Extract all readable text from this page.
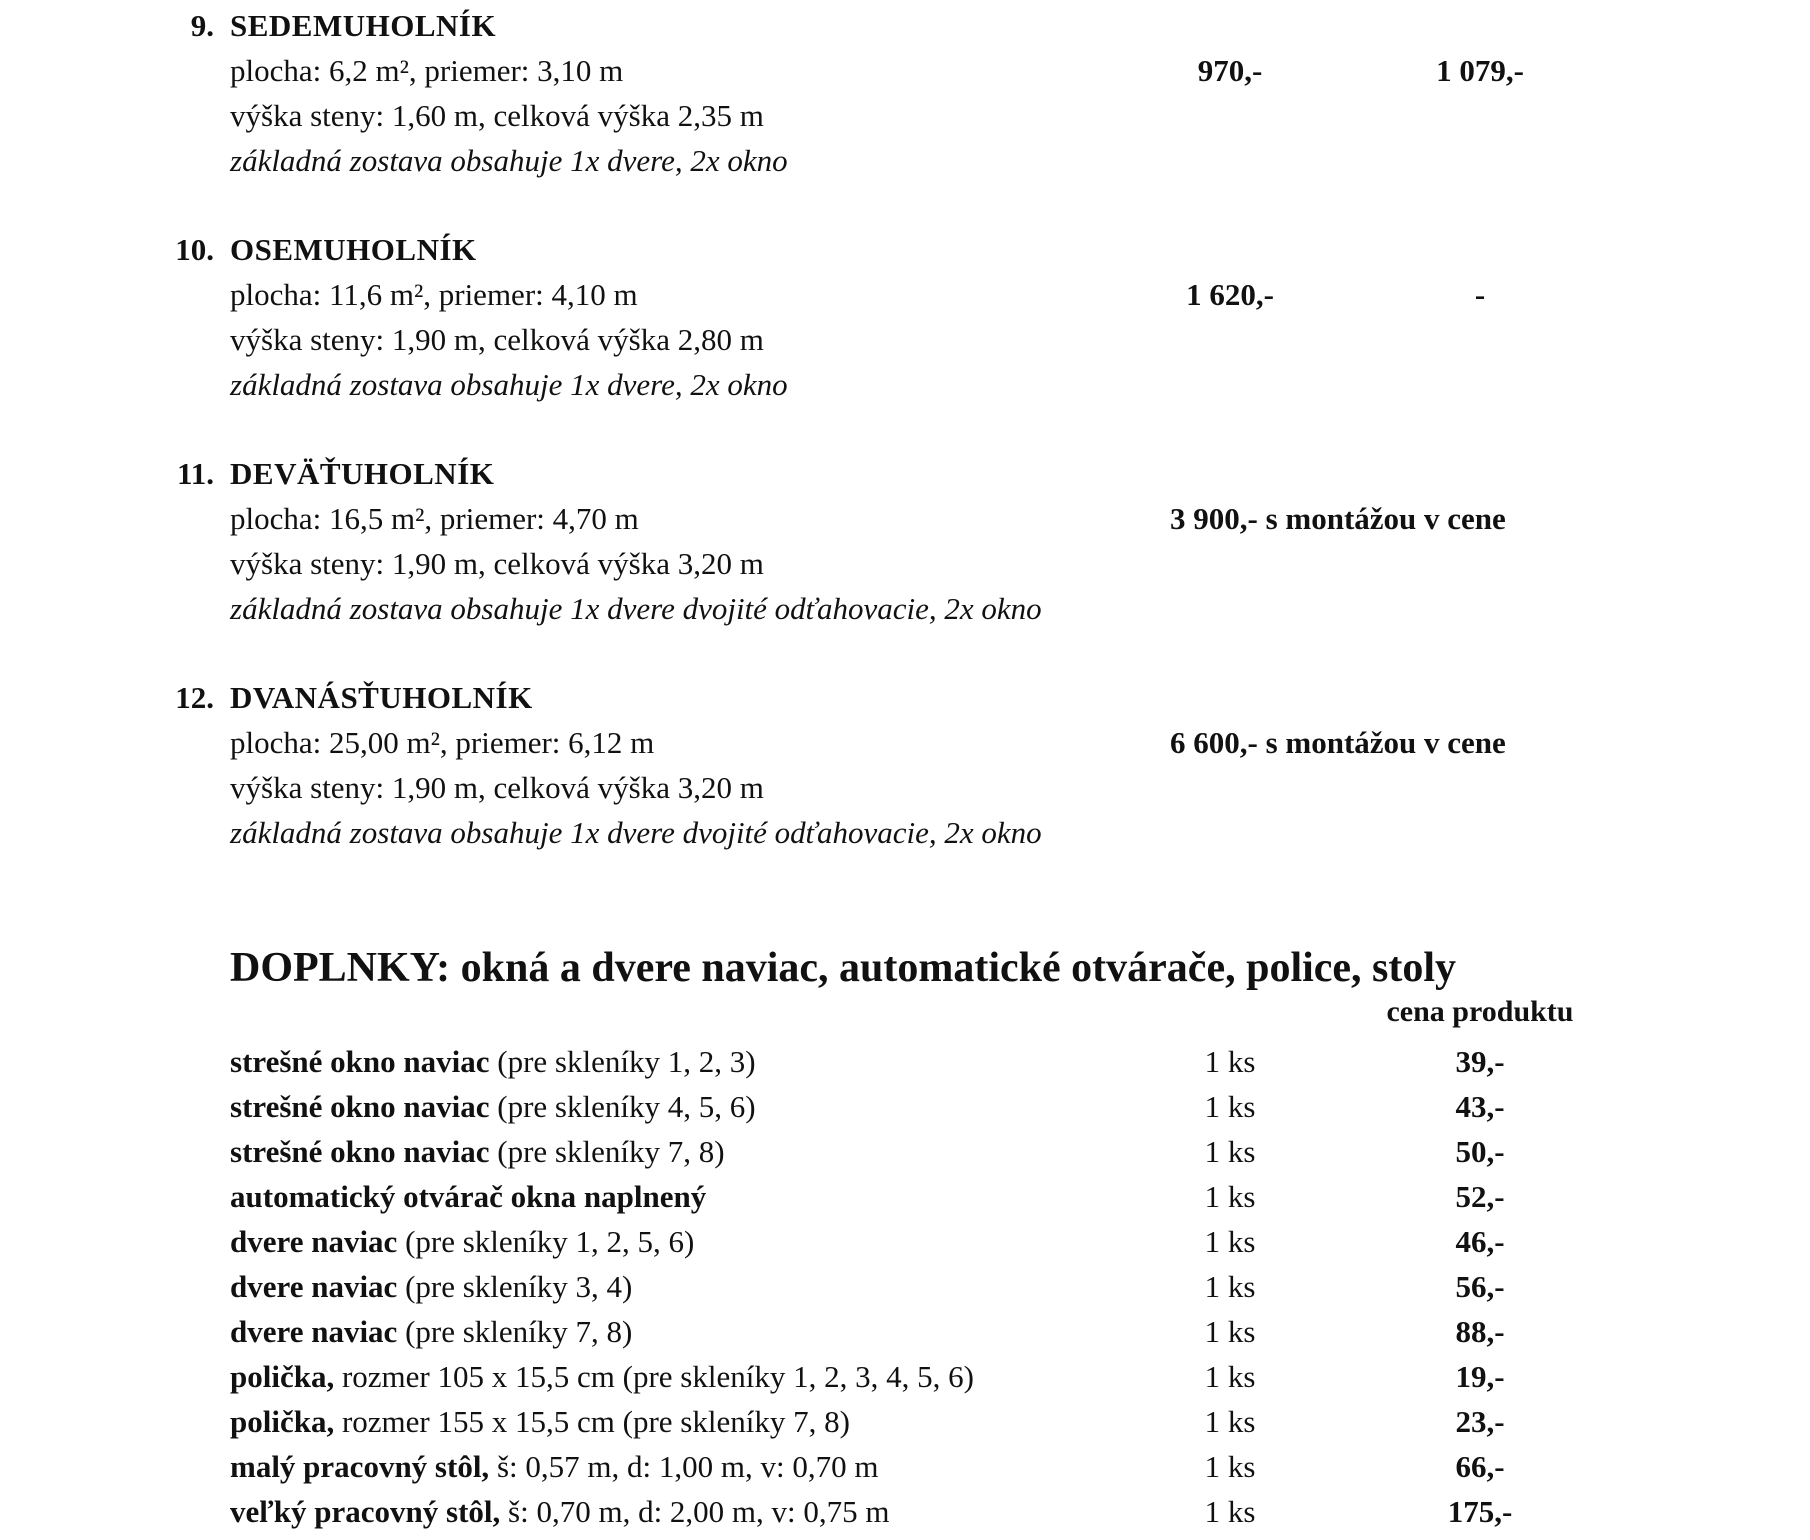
9. SEDEMUHOLNÍK
plocha: 6,2 m², priemer: 3,10 m
výška steny: 1,60 m, celková výška 2,35 m
základná zostava obsahuje 1x dvere, 2x okno
970,-	1 079,-
10. OSEMUHOLNÍK
plocha: 11,6 m², priemer: 4,10 m
výška steny: 1,90 m, celková výška 2,80 m
základná zostava obsahuje 1x dvere, 2x okno
1 620,-	-
11. DEVÄŤUHOLNÍK
plocha: 16,5 m², priemer: 4,70 m
výška steny: 1,90 m, celková výška 3,20 m
základná zostava obsahuje 1x dvere dvojité odťahovacie, 2x okno
3 900,- s montážou v cene
12. DVANÁSŤUHOLNÍK
plocha: 25,00 m², priemer: 6,12 m
výška steny: 1,90 m, celková výška 3,20 m
základná zostava obsahuje 1x dvere dvojité odťahovacie, 2x okno
6 600,- s montážou v cene
DOPLNKY: okná a dvere naviac, automatické otvárače, police, stoly
cena produktu
strešné okno naviac (pre skleníky 1, 2, 3)	1 ks	39,-
strešné okno naviac (pre skleníky 4, 5, 6)	1 ks	43,-
strešné okno naviac (pre skleníky 7, 8)	1 ks	50,-
automatický otvárač okna naplnený	1 ks	52,-
dvere naviac (pre skleníky 1, 2, 5, 6)	1 ks	46,-
dvere naviac (pre skleníky 3, 4)	1 ks	56,-
dvere naviac (pre skleníky 7, 8)	1 ks	88,-
polička, rozmer 105 x 15,5 cm (pre skleníky 1, 2, 3, 4, 5, 6)	1 ks	19,-
polička, rozmer 155 x 15,5 cm (pre skleníky 7, 8)	1 ks	23,-
malý pracovný stôl, š: 0,57 m, d: 1,00 m, v: 0,70 m	1 ks	66,-
veľký pracovný stôl, š: 0,70 m, d: 2,00 m, v: 0,75 m	1 ks	175,-
